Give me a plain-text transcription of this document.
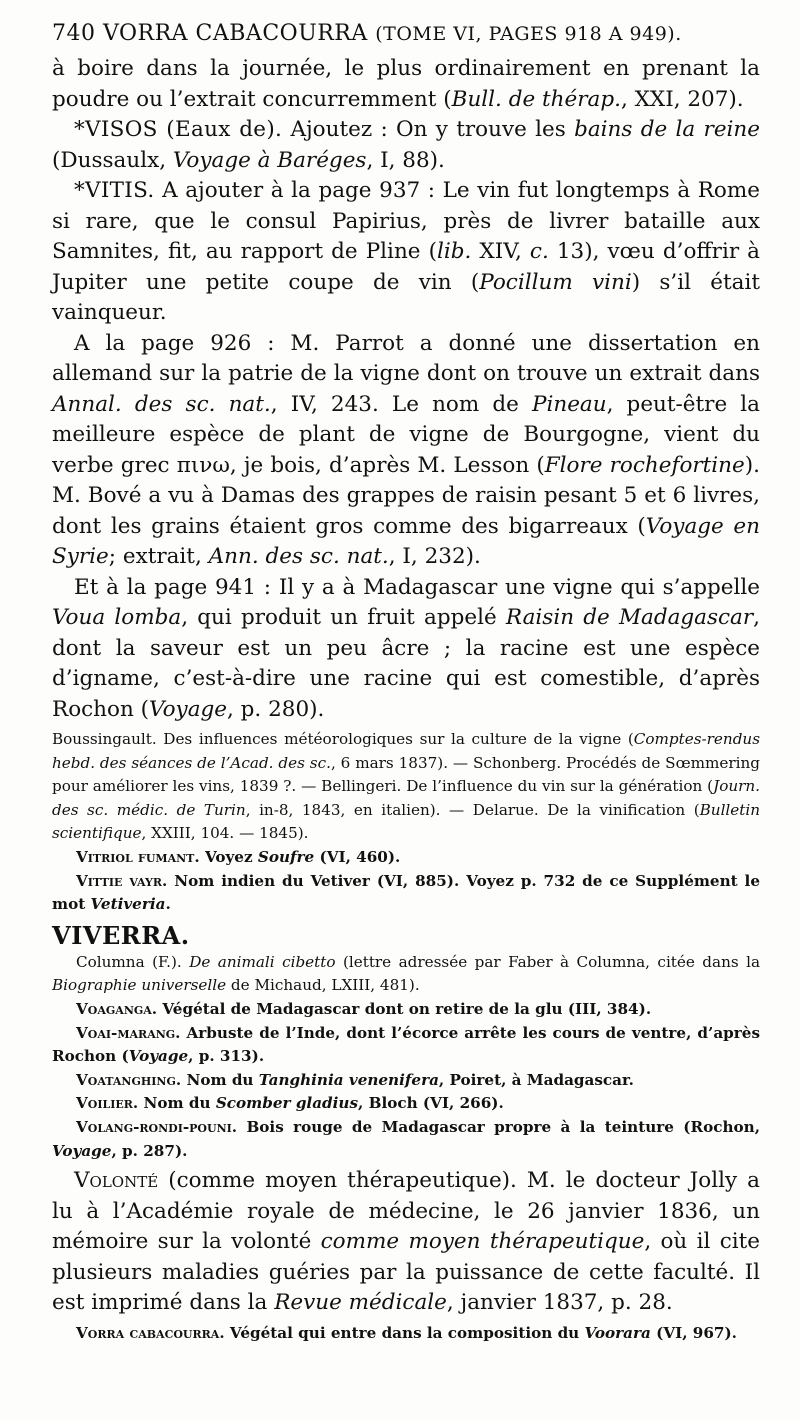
740 VORRA CABACOURRA (TOME VI, PAGES 918 A 949).

à boire dans la journée, le plus ordinairement en prenant la poudre ou l’extrait concurremment (Bull. de thérap., XXI, 207).

*VISOS (Eaux de). Ajoutez : On y trouve les bains de la reine (Dussaulx, Voyage à Baréges, I, 88).

*VITIS. A ajouter à la page 937 : Le vin fut longtemps à Rome si rare, que le consul Papirius, près de livrer bataille aux Samnites, fit, au rapport de Pline (lib. XIV, c. 13), vœu d’offrir à Jupiter une petite coupe de vin (Pocillum vini) s’il était vainqueur.

A la page 926 : M. Parrot a donné une dissertation en allemand sur la patrie de la vigne dont on trouve un extrait dans Annal. des sc. nat., IV, 243. Le nom de Pineau, peut-être la meilleure espèce de plant de vigne de Bourgogne, vient du verbe grec πινω, je bois, d’après M. Lesson (Flore rochefortine). M. Bové a vu à Damas des grappes de raisin pesant 5 et 6 livres, dont les grains étaient gros comme des bigarreaux (Voyage en Syrie; extrait, Ann. des sc. nat., I, 232).

Et à la page 941 : Il y a à Madagascar une vigne qui s’appelle Voua lomba, qui produit un fruit appelé Raisin de Madagascar, dont la saveur est un peu âcre ; la racine est une espèce d’igname, c’est-à-dire une racine qui est comestible, d’après Rochon (Voyage, p. 280).

Boussingault. Des influences météorologiques sur la culture de la vigne (Comptes-rendus hebd. des séances de l’Acad. des sc., 6 mars 1837). — Schonberg. Procédés de Sœmmering pour améliorer les vins, 1839 ?. — Bellingeri. De l’influence du vin sur la génération (Journ. des sc. médic. de Turin, in-8, 1843, en italien). — Delarue. De la vinification (Bulletin scientifique, XXIII, 104. — 1845).

Vitriol fumant. Voyez Soufre (VI, 460).

Vittie vayr. Nom indien du Vetiver (VI, 885). Voyez p. 732 de ce Supplément le mot Vetiveria.

VIVERRA.

Columna (F.). De animali cibetto (lettre adressée par Faber à Columna, citée dans la Biographie universelle de Michaud, LXIII, 481).

Voaganga. Végétal de Madagascar dont on retire de la glu (III, 384).

Voai-marang. Arbuste de l’Inde, dont l’écorce arrête les cours de ventre, d’après Rochon (Voyage, p. 313).

Voatanghing. Nom du Tanghinia venenifera, Poiret, à Madagascar.

Voilier. Nom du Scomber gladius, Bloch (VI, 266).

Volang-rondi-pouni. Bois rouge de Madagascar propre à la teinture (Rochon, Voyage, p. 287).

Volonté (comme moyen thérapeutique). M. le docteur Jolly a lu à l’Académie royale de médecine, le 26 janvier 1836, un mémoire sur la volonté comme moyen thérapeutique, où il cite plusieurs maladies guéries par la puissance de cette faculté. Il est imprimé dans la Revue médicale, janvier 1837, p. 28.

Vorra cabacourra. Végétal qui entre dans la composition du Voorara (VI, 967).
